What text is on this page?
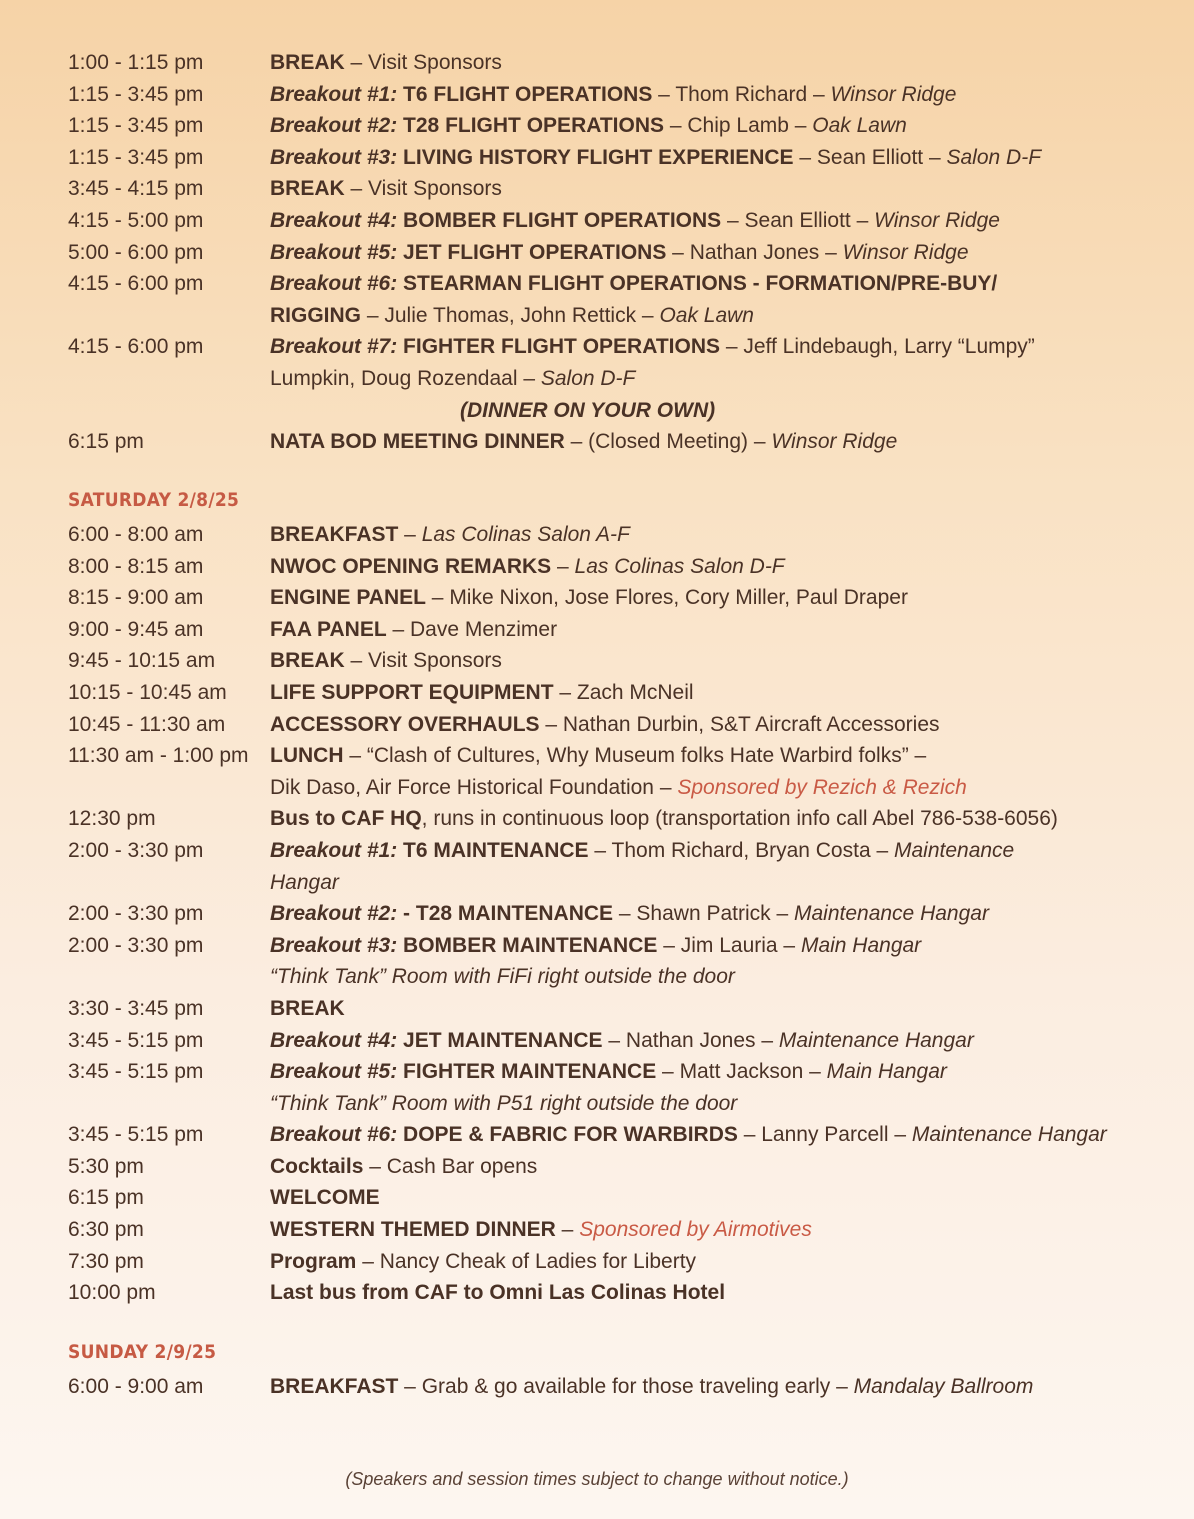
1:00 - 1:15 pm	BREAK – Visit Sponsors
1:15 - 3:45 pm	Breakout #1: T6 FLIGHT OPERATIONS – Thom Richard – Winsor Ridge
1:15 - 3:45 pm	Breakout #2: T28 FLIGHT OPERATIONS – Chip Lamb – Oak Lawn
1:15 - 3:45 pm	Breakout #3: LIVING HISTORY FLIGHT EXPERIENCE – Sean Elliott – Salon D-F
3:45 - 4:15 pm	BREAK – Visit Sponsors
4:15 - 5:00 pm	Breakout #4: BOMBER FLIGHT OPERATIONS – Sean Elliott – Winsor Ridge
5:00 - 6:00 pm	Breakout #5: JET FLIGHT OPERATIONS – Nathan Jones – Winsor Ridge
4:15 - 6:00 pm	Breakout #6: STEARMAN FLIGHT OPERATIONS - FORMATION/PRE-BUY/
RIGGING – Julie Thomas, John Rettick – Oak Lawn
4:15 - 6:00 pm	Breakout #7: FIGHTER FLIGHT OPERATIONS – Jeff Lindebaugh, Larry “Lumpy”
Lumpkin, Doug Rozendaal – Salon D-F
(DINNER ON YOUR OWN)
6:15 pm	NATA BOD MEETING DINNER – (Closed Meeting) – Winsor Ridge
SATURDAY 2/8/25
6:00 - 8:00 am	BREAKFAST – Las Colinas Salon A-F
8:00 - 8:15 am	NWOC OPENING REMARKS – Las Colinas Salon D-F
8:15 - 9:00 am	ENGINE PANEL – Mike Nixon, Jose Flores, Cory Miller, Paul Draper
9:00 - 9:45 am	FAA PANEL – Dave Menzimer
9:45 - 10:15 am	BREAK – Visit Sponsors
10:15 - 10:45 am	LIFE SUPPORT EQUIPMENT – Zach McNeil
10:45 - 11:30 am	ACCESSORY OVERHAULS – Nathan Durbin, S&T Aircraft Accessories
11:30 am - 1:00 pm	LUNCH – “Clash of Cultures, Why Museum folks Hate Warbird folks” –
Dik Daso, Air Force Historical Foundation – Sponsored by Rezich & Rezich
12:30 pm	Bus to CAF HQ, runs in continuous loop (transportation info call Abel 786-538-6056)
2:00 - 3:30 pm	Breakout #1: T6 MAINTENANCE – Thom Richard, Bryan Costa – Maintenance
Hangar
2:00 - 3:30 pm	Breakout #2: - T28 MAINTENANCE – Shawn Patrick – Maintenance Hangar
2:00 - 3:30 pm	Breakout #3: BOMBER MAINTENANCE – Jim Lauria – Main Hangar
“Think Tank” Room with FiFi right outside the door
3:30 - 3:45 pm	BREAK
3:45 - 5:15 pm	Breakout #4: JET MAINTENANCE – Nathan Jones – Maintenance Hangar
3:45 - 5:15 pm	Breakout #5: FIGHTER MAINTENANCE – Matt Jackson – Main Hangar
“Think Tank” Room with P51 right outside the door
3:45 - 5:15 pm	Breakout #6: DOPE & FABRIC FOR WARBIRDS – Lanny Parcell – Maintenance Hangar
5:30 pm	Cocktails – Cash Bar opens
6:15 pm	WELCOME
6:30 pm	WESTERN THEMED DINNER – Sponsored by Airmotives
7:30 pm	Program – Nancy Cheak of Ladies for Liberty
10:00 pm	Last bus from CAF to Omni Las Colinas Hotel
SUNDAY 2/9/25
6:00 - 9:00 am	BREAKFAST – Grab & go available for those traveling early – Mandalay Ballroom
(Speakers and session times subject to change without notice.)
